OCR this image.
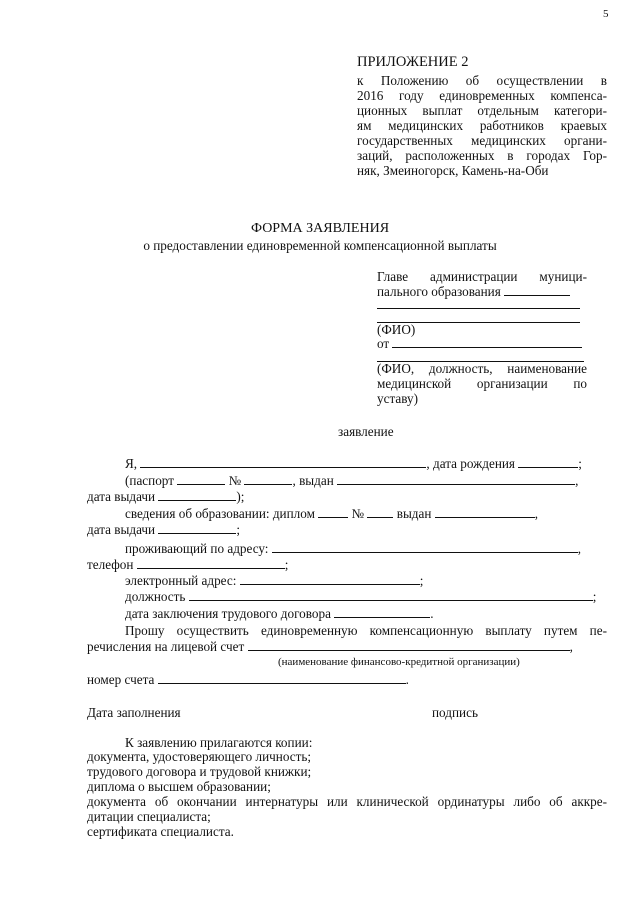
5
ПРИЛОЖЕНИЕ 2
к Положению об осуществлении в
2016 году единовременных компенса-
ционных выплат отдельным категори-
ям медицинских работников краевых
государственных медицинских органи-
заций, расположенных в городах Гор-
няк, Змеиногорск, Камень-на-Оби
ФОРМА ЗАЯВЛЕНИЯ
о предоставлении единовременной компенсационной выплаты
Главе администрации муници-
пального образования
(ФИО)
от
(ФИО, должность, наименование
медицинской организации по
уставу)
заявление
Я,	, дата рождения	;
(паспорт	№	, выдан	,
дата выдачи	);
сведения об образовании: диплом	№ выдан	,
дата выдачи	;
проживающий по адресу:	,
телефон	;
электронный адрес:	;
должность	;
дата заключения трудового договора	.
Прошу осуществить единовременную компенсационную выплату путем пе-
речисления на лицевой счет	,
(наименование финансово-кредитной организации)
номер счета	.
Дата заполнения	подпись
К заявлению прилагаются копии:
документа, удостоверяющего личность;
трудового договора и трудовой книжки;
диплома о высшем образовании;
документа об окончании интернатуры или клинической ординатуры либо об аккре-
дитации специалиста;
сертификата специалиста.
